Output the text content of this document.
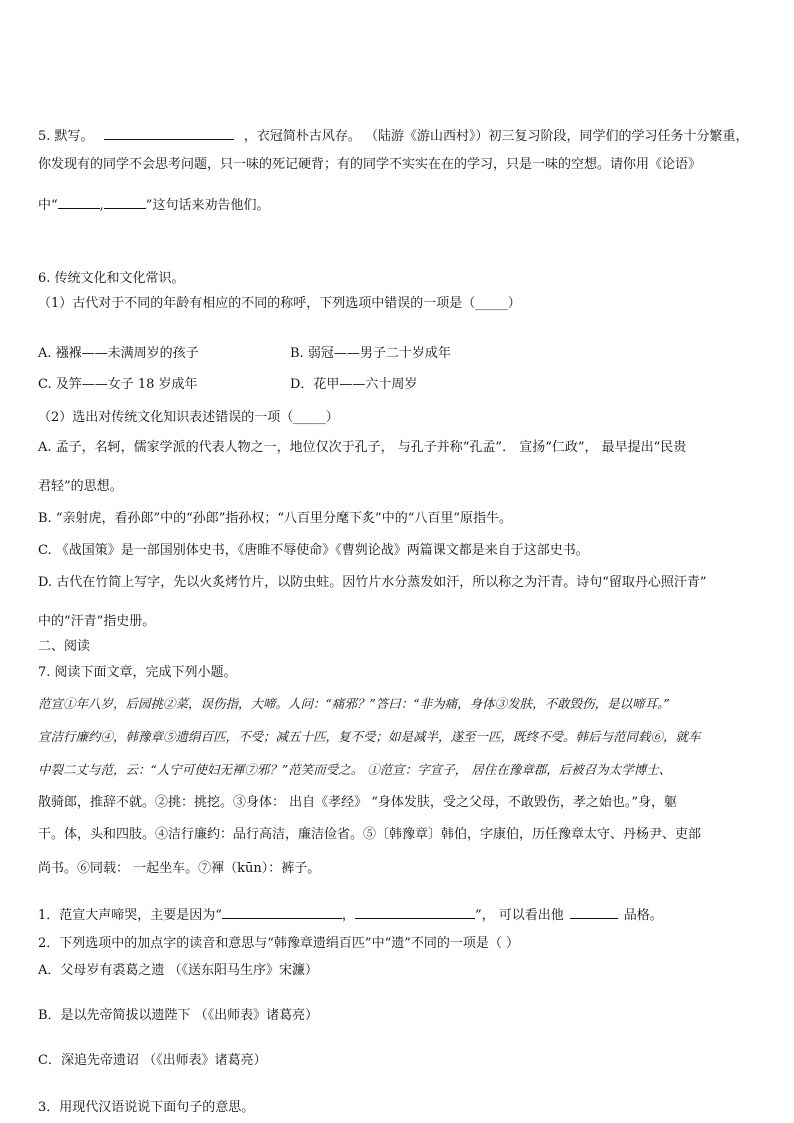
5. 默写。	，衣冠简朴古风存。 （陆游《游山西村》）初三复习阶段，同学们的学习任务十分繁重，
你发现有的同学不会思考问题，只一味的死记硬背；有的同学不实实在在的学习，只是一味的空想。请你用《论语》
中“	,	”这句话来劝告他们。
6. 传统文化和文化常识。
（1）古代对于不同的年龄有相应的不同的称呼，下列选项中错误的一项是（_____）
A. 襁褓——未满周岁的孩子	B. 弱冠——男子二十岁成年
C. 及笄——女子 18 岁成年	D．花甲——六十周岁
（2）选出对传统文化知识表述错误的一项（_____）
A. 孟子，名轲，儒家学派的代表人物之一，地位仅次于孔子， 与孔子并称“孔孟”． 宣扬“仁政”， 最早提出“民贵
君轻”的思想。
B. “亲射虎，看孙郎”中的“孙郎”指孙权；“八百里分麾下炙”中的“八百里”原指牛。
C. 《战国策》是一部国别体史书，《唐睢不辱使命》《曹刿论战》两篇课文都是来自于这部史书。
D. 古代在竹简上写字，先以火炙烤竹片，以防虫蛀。因竹片水分蒸发如汗，所以称之为汗青。诗句“留取丹心照汗青”
中的“汗青”指史册。
二、阅读
7. 阅读下面文章，完成下列小题。
范宣①年八岁，后园挑②菜，误伤指，大啼。人问：“痛邪？”答曰：“非为痛，身体③发肤，不敢毁伤，是以啼耳。”
宣洁行廉约④，韩豫章⑤遗绢百匹，不受；减五十匹，复不受；如是减半，遂至一匹，既终不受。韩后与范同载⑥，就车
中裂二丈与范，云：“人宁可使妇无褌⑦邪？”范笑而受之。 ①范宣：字宣子， 居住在豫章郡，后被召为太学博士、
散骑郎，推辞不就。②挑：挑挖。③身体： 出自《孝经》 “身体发肤，受之父母，不敢毁伤，孝之始也。”身，躯
干。体，头和四肢。④洁行廉约：品行高洁，廉洁俭省。⑤〔韩豫章〕韩伯，字康伯，历任豫章太守、丹杨尹、吏部
尚书。⑥同载： 一起坐车。⑦褌（kūn）：裤子。
1．范宣大声啼哭，主要是因为“	，	”， 可以看出他	品格。
2．下列选项中的加点字的读音和意思与“韩豫章遗绢百匹”中“遗”不同的一项是（ ）
A．父母岁有裘葛之遗 （《送东阳马生序》宋濂）
B．是以先帝简拔以遗陛下 （《出师表》诸葛亮）
C．深追先帝遗诏 （《出师表》诸葛亮）
3．用现代汉语说说下面句子的意思。
